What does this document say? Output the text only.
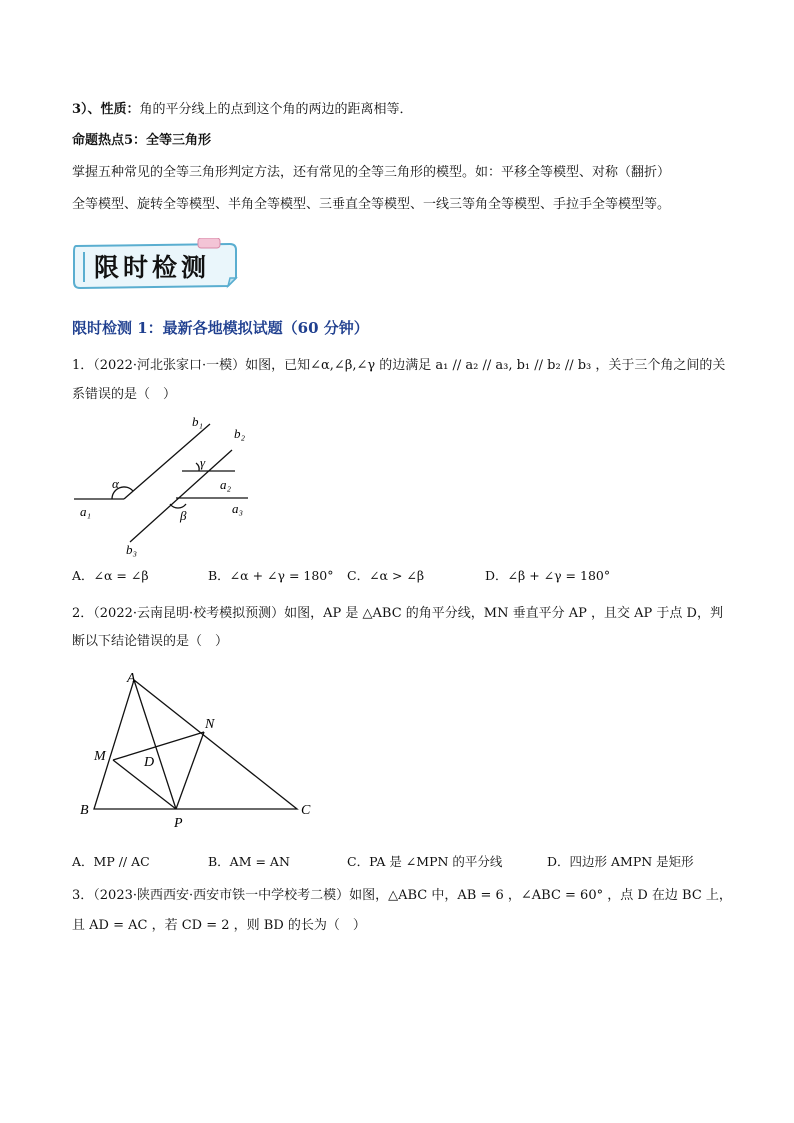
3）、性质：角的平分线上的点到这个角的两边的距离相等．
命题热点5：全等三角形
掌握五种常见的全等三角形判定方法，还有常见的全等三角形的模型。如：平移全等模型、对称（翻折）
全等模型、旋转全等模型、半角全等模型、三垂直全等模型、一线三等角全等模型、手拉手全等模型等。
限时检测
限时检测 1：最新各地模拟试题（60 分钟）
1．（2022·河北张家口·一模）如图，已知∠α,∠β,∠γ 的边满足 a₁ // a₂ // a₃, b₁ // b₂ // b₃ ，关于三个角之间的关
系错误的是（　）
b₁
b₂
γ
α	a₂
a₁	a₃
β
b₃
A．∠α = ∠β	B．∠α + ∠γ = 180° C．∠α > ∠β	D．∠β + ∠γ = 180°
2．（2022·云南昆明·校考模拟预测）如图，AP 是 △ABC 的角平分线，MN 垂直平分 AP ，且交 AP 于点 D，判
断以下结论错误的是（　）
A
N
M	D
B
P
C
A．MP // AC	B．AM = AN	C．PA 是 ∠MPN 的平分线	D．四边形 AMPN 是矩形
3．（2023·陕西西安·西安市铁一中学校考二模）如图，△ABC 中，AB = 6 ，∠ABC = 60° ，点 D 在边 BC 上，
且 AD = AC ，若 CD = 2 ，则 BD 的长为（　）
